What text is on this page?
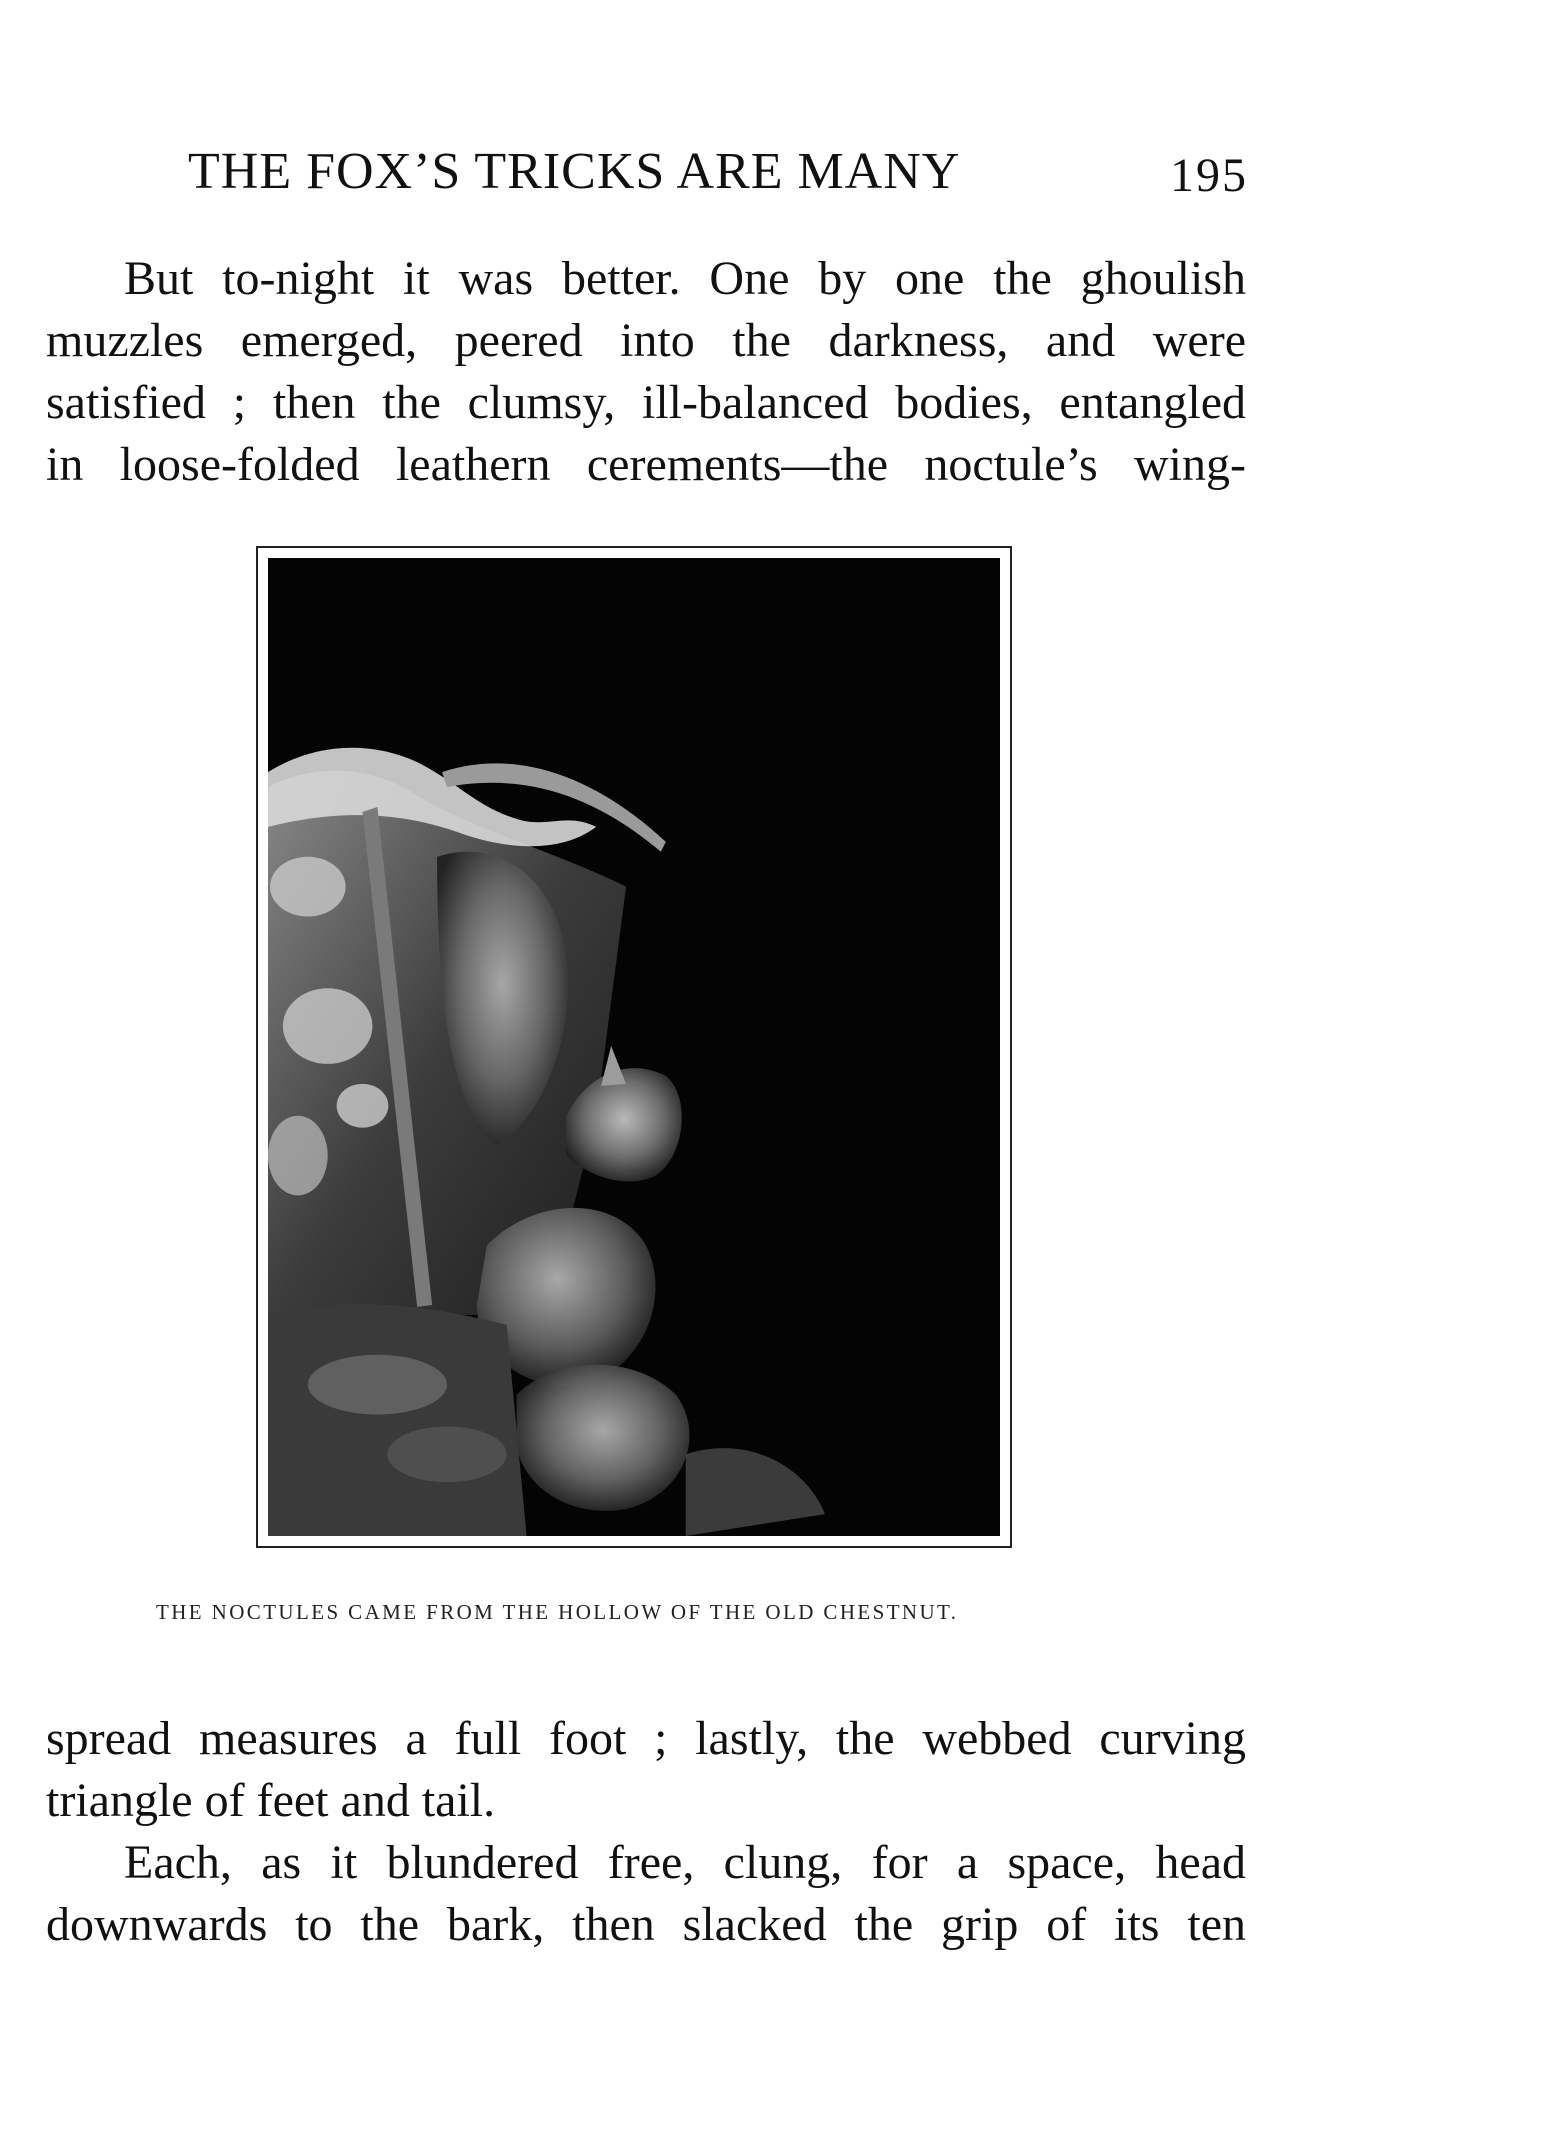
THE FOX’S TRICKS ARE MANY	195
But to-night it was better. One by one the ghoulish
muzzles emerged, peered into the darkness, and were
satisfied ; then the clumsy, ill-balanced bodies, entangled
in loose-folded leathern cerements—the noctule’s wing-
THE NOCTULES CAME FROM THE HOLLOW OF THE OLD CHESTNUT.
spread measures a full foot ; lastly, the webbed curving
triangle of feet and tail.
Each, as it blundered free, clung, for a space, head
downwards to the bark, then slacked the grip of its ten
